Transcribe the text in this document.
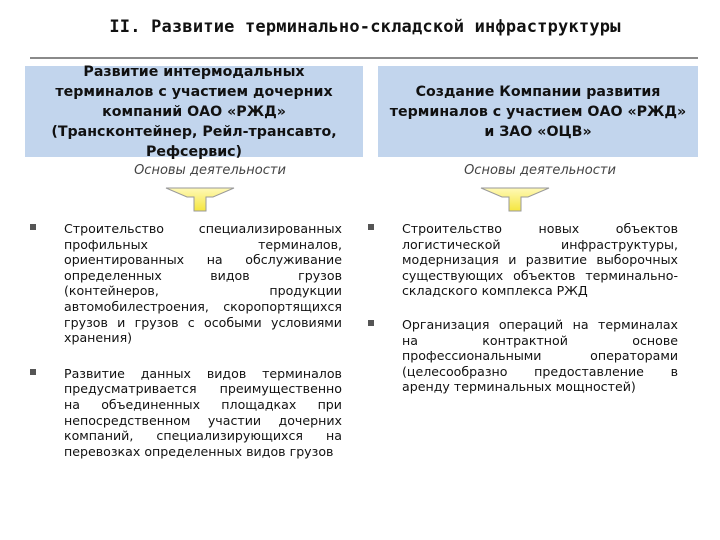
II. Развитие терминально-складской инфраструктуры
Развитие интермодальных терминалов с участием дочерних компаний ОАО «РЖД» (Трансконтейнер, Рейл-трансавто, Рефсервис)
Создание Компании развития терминалов с участием ОАО «РЖД» и ЗАО «ОЦВ»
Основы деятельности	Основы деятельности
Строительство специализированных профильных терминалов, ориентированных на обслуживание определенных видов грузов (контейнеров, продукции автомобилестроения, скоропортящихся грузов и грузов с особыми условиями хранения)
Развитие данных видов терминалов предусматривается преимущественно на объединенных площадках при непосредственном участии дочерних компаний, специализирующихся на перевозках определенных видов грузов
Строительство новых объектов логистической инфраструктуры, модернизация и развитие выборочных существующих объектов терминально-складского комплекса РЖД
Организация операций на терминалах на контрактной основе профессиональными операторами (целесообразно предоставление в аренду терминальных мощностей)
